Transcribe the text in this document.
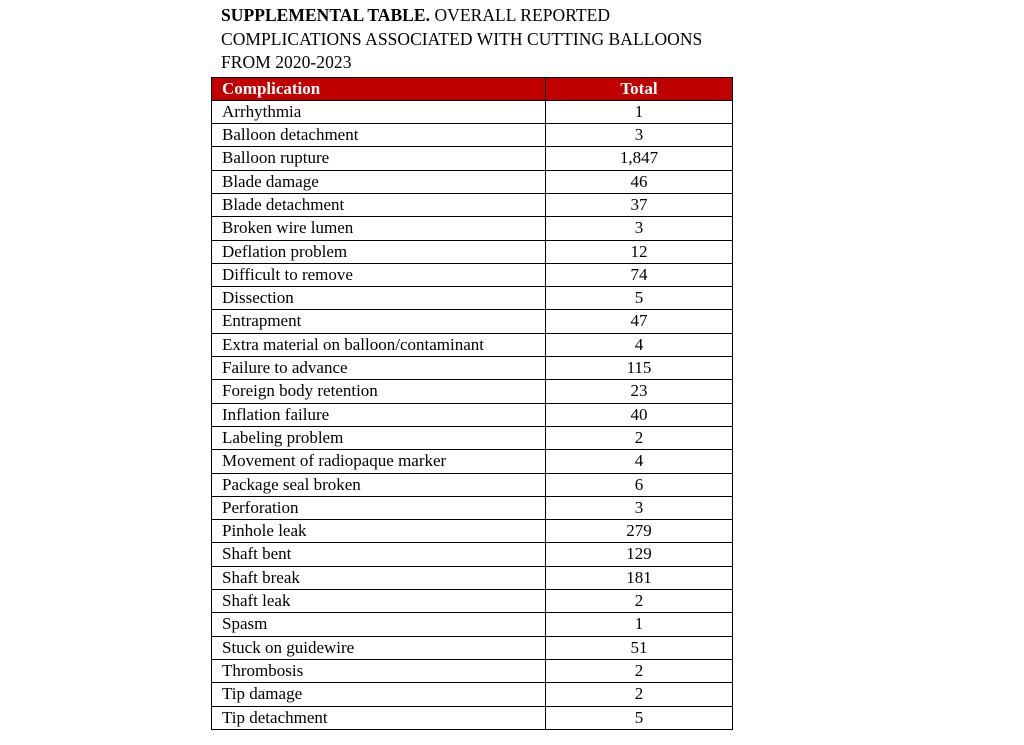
SUPPLEMENTAL TABLE. OVERALL REPORTED COMPLICATIONS ASSOCIATED WITH CUTTING BALLOONS FROM 2020-2023

Complication	Total
Arrhythmia	1
Balloon detachment	3
Balloon rupture	1,847
Blade damage	46
Blade detachment	37
Broken wire lumen	3
Deflation problem	12
Difficult to remove	74
Dissection	5
Entrapment	47
Extra material on balloon/contaminant	4
Failure to advance	115
Foreign body retention	23
Inflation failure	40
Labeling problem	2
Movement of radiopaque marker	4
Package seal broken	6
Perforation	3
Pinhole leak	279
Shaft bent	129
Shaft break	181
Shaft leak	2
Spasm	1
Stuck on guidewire	51
Thrombosis	2
Tip damage	2
Tip detachment	5
